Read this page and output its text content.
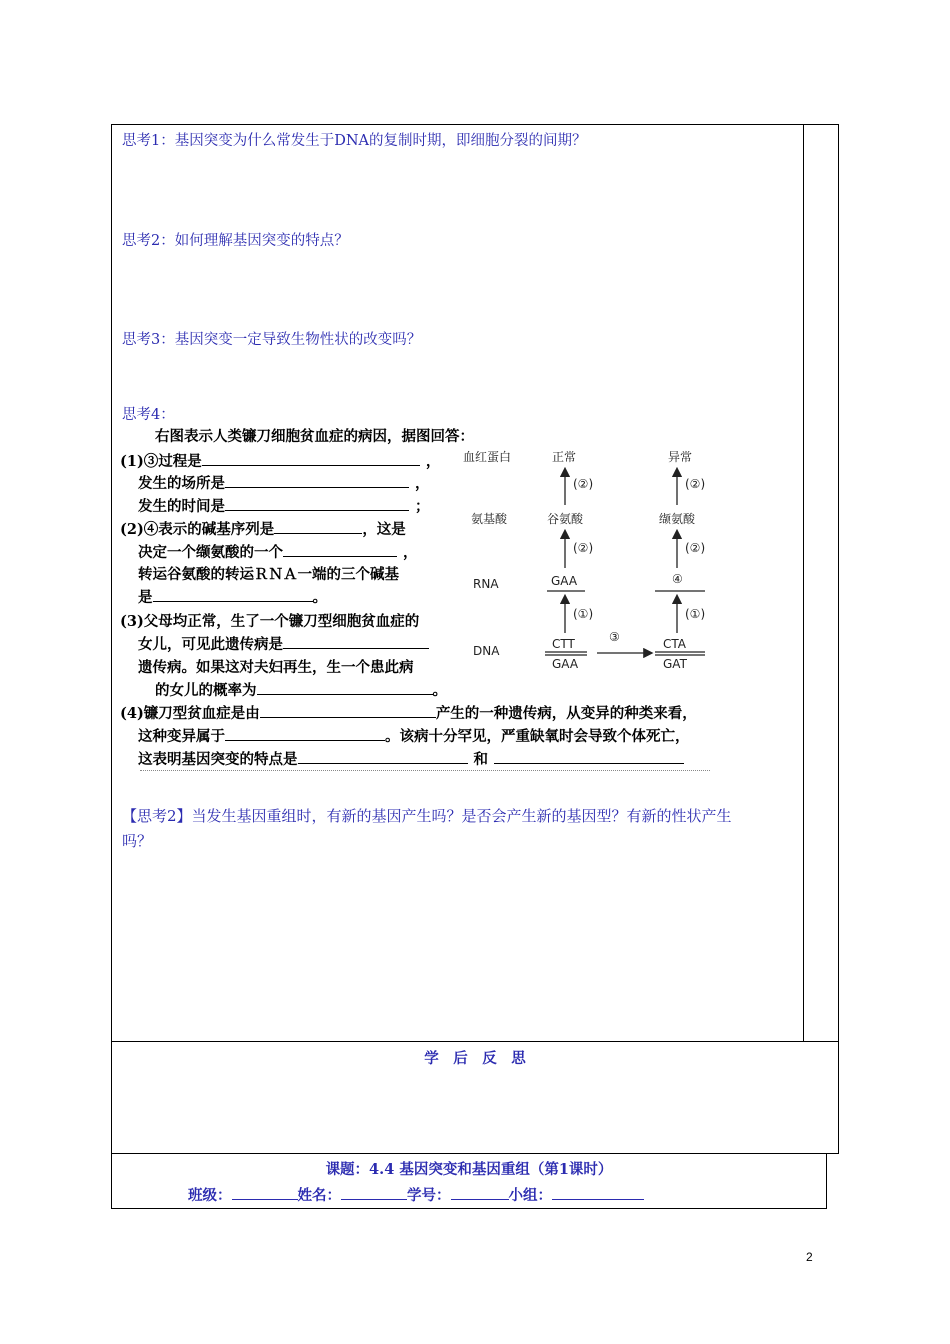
思考1：基因突变为什么常发生于DNA的复制时期，即细胞分裂的间期？
思考2：如何理解基因突变的特点？
思考3：基因突变一定导致生物性状的改变吗？
思考4：
右图表示人类镰刀细胞贫血症的病因，据图回答：
(1)③过程是	，
发生的场所是	，
发生的时间是	；
(2)④表示的碱基序列是	，这是
决定一个缬氨酸的一个	，
转运谷氨酸的转运ＲＮＡ一端的三个碱基
是	。
(3)父母均正常，生了一个镰刀型细胞贫血症的
女儿，可见此遗传病是
遗传病。如果这对夫妇再生，生一个患此病
的女儿的概率为	。
(4)镰刀型贫血症是由	产生的一种遗传病，从变异的种类来看，
这种变异属于	。该病十分罕见，严重缺氧时会导致个体死亡，
这表明基因突变的特点是	和
血红蛋白
氨基酸
RNA
DNA
正常	异常
(②)	(②)
谷氨酸	缬氨酸
(②)	(②)
GAA	④
(①)	(①)
CTT
GAA
③	CTA
GAT
【思考2】当发生基因重组时，有新的基因产生吗？是否会产生新的基因型？有新的性状产生
吗？
学　后　反　思
课题：4.4 基因突变和基因重组（第1课时）
班级：	姓名：	学号：	小组：
2
